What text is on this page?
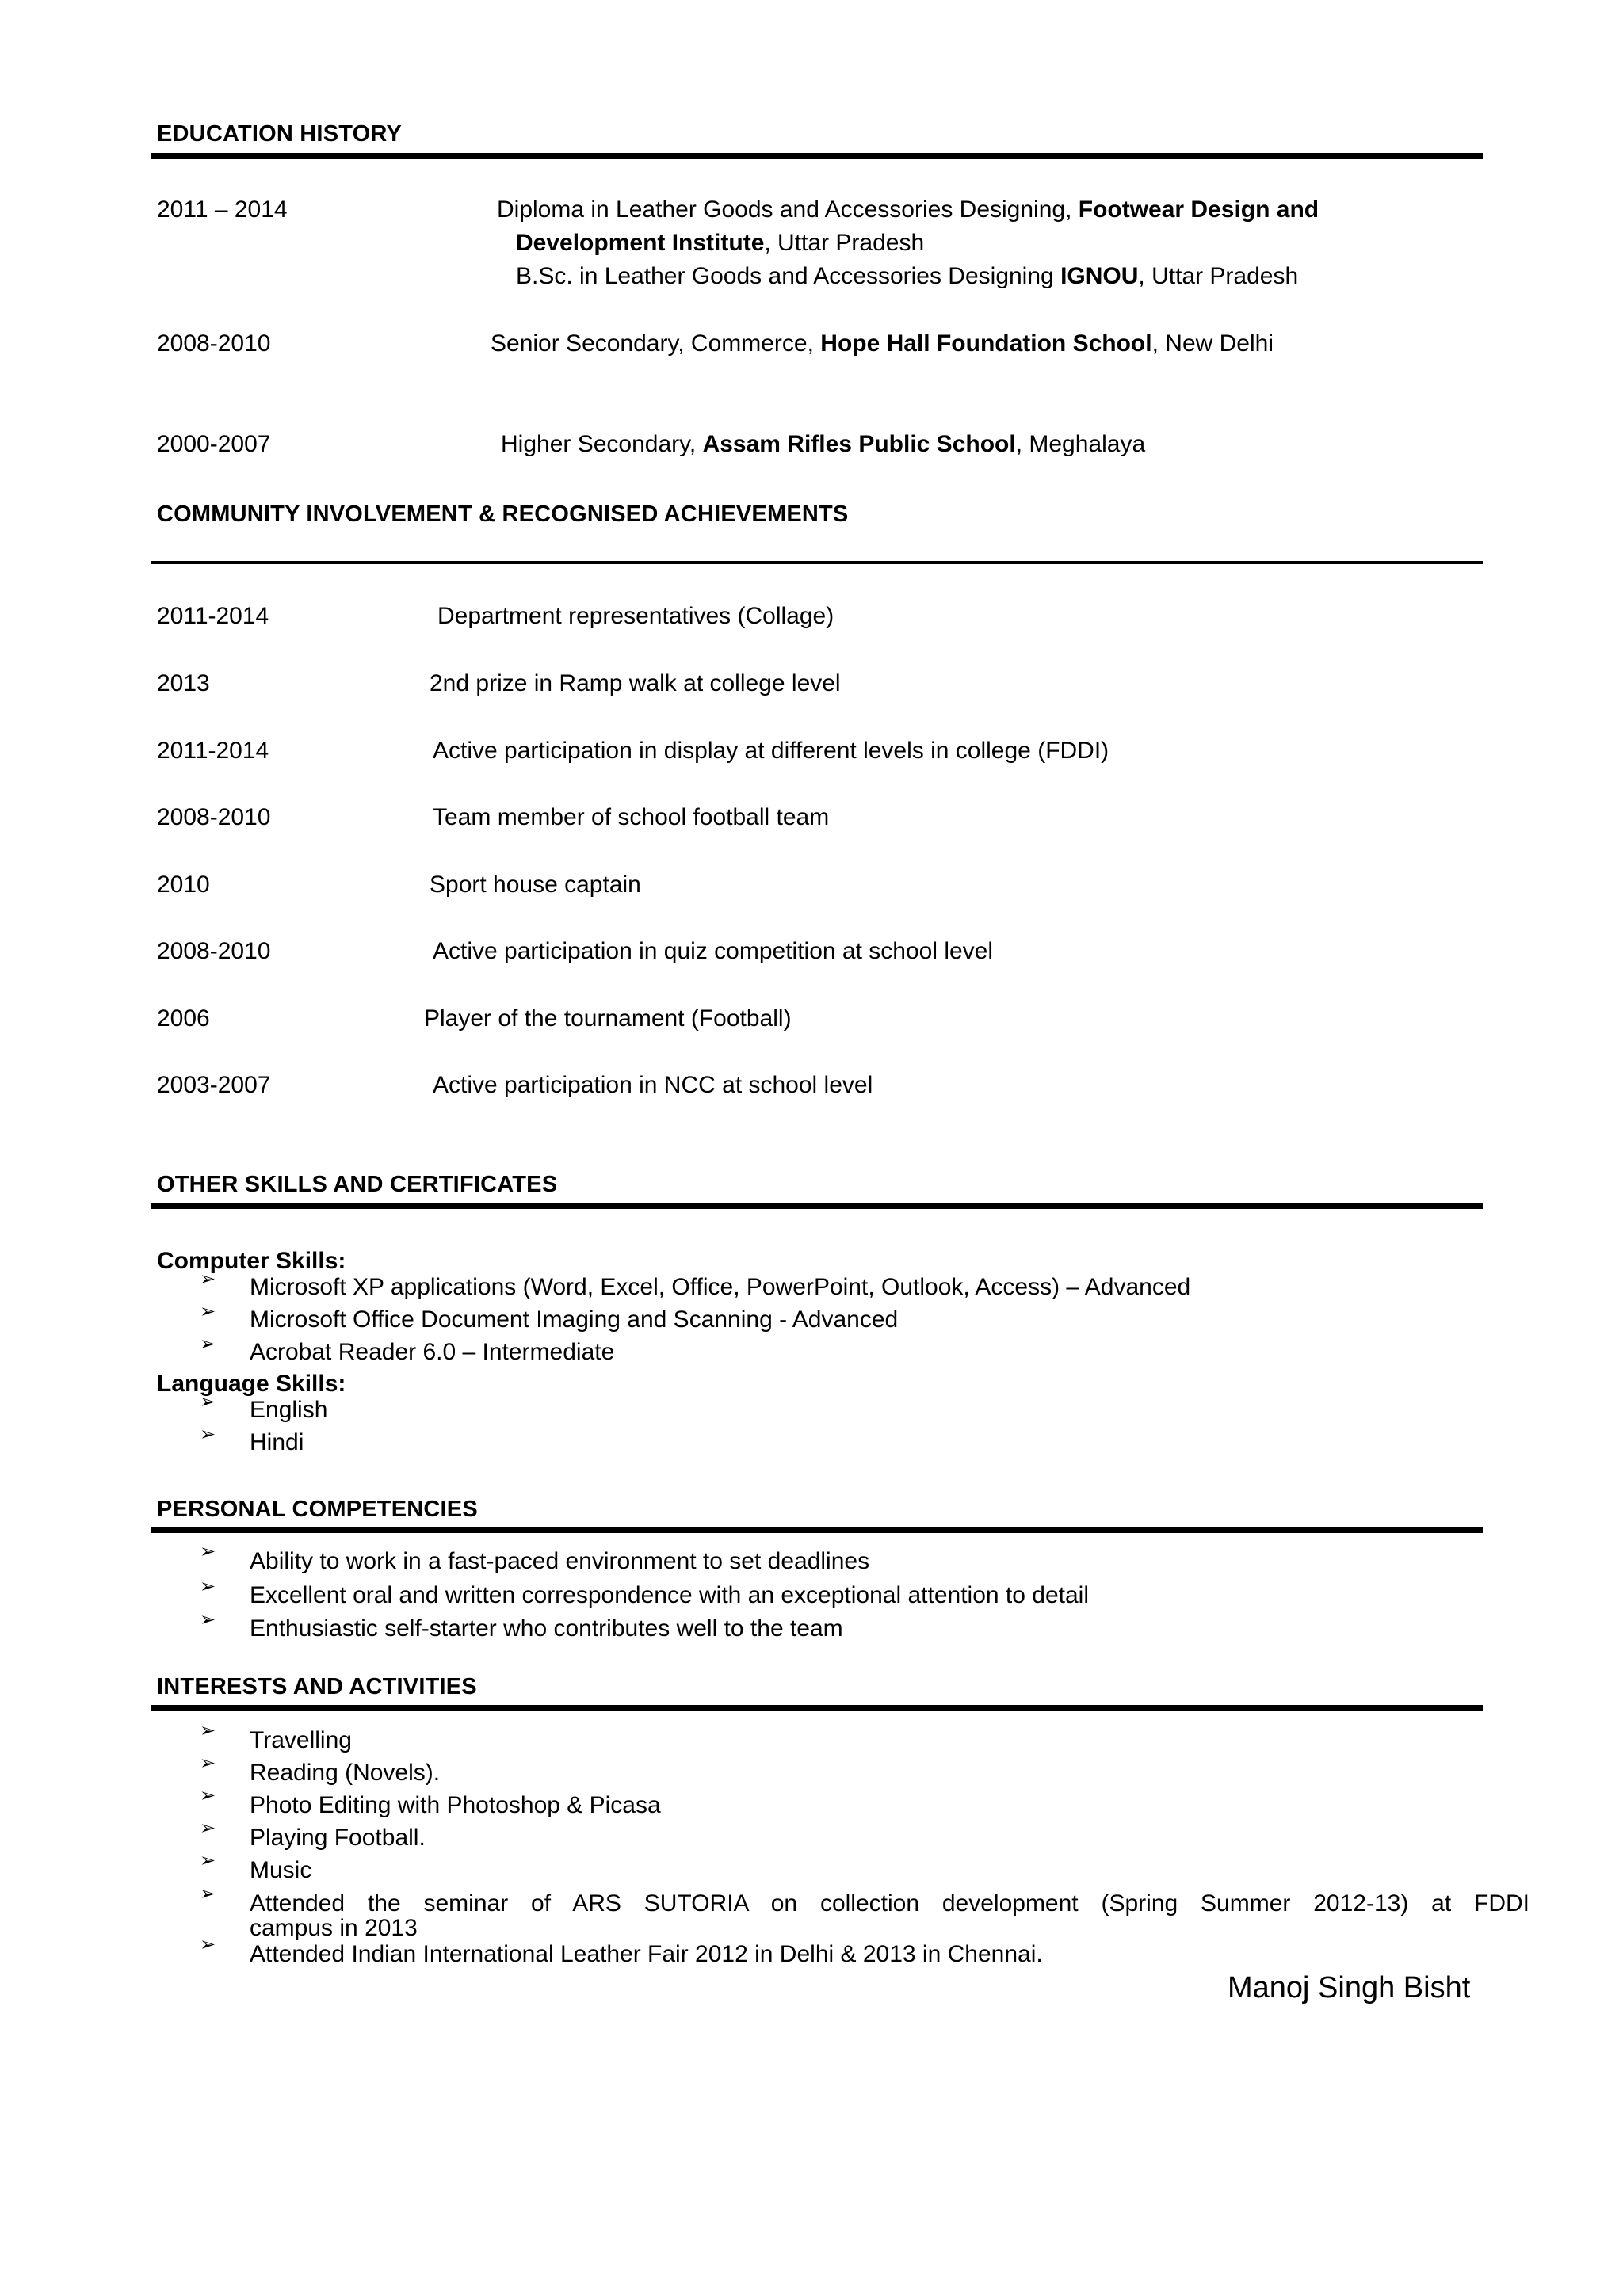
EDUCATION HISTORY
2011 – 2014	Diploma in Leather Goods and Accessories Designing, Footwear Design and
Development Institute, Uttar Pradesh
B.Sc. in Leather Goods and Accessories Designing IGNOU, Uttar Pradesh
2008-2010	Senior Secondary, Commerce, Hope Hall Foundation School, New Delhi
2000-2007	Higher Secondary, Assam Rifles Public School, Meghalaya
COMMUNITY INVOLVEMENT & RECOGNISED ACHIEVEMENTS
2011-2014	Department representatives (Collage)
2013	2nd prize in Ramp walk at college level
2011-2014	Active participation in display at different levels in college (FDDI)
2008-2010	Team member of school football team
2010	Sport house captain
2008-2010	Active participation in quiz competition at school level
2006	Player of the tournament (Football)
2003-2007	Active participation in NCC at school level
OTHER SKILLS AND CERTIFICATES
Computer Skills:
➢ Microsoft XP applications (Word, Excel, Office, PowerPoint, Outlook, Access) – Advanced
➢ Microsoft Office Document Imaging and Scanning - Advanced
➢ Acrobat Reader 6.0 – Intermediate
Language Skills:
➢ English
➢ Hindi
PERSONAL COMPETENCIES
➢ Ability to work in a fast-paced environment to set deadlines
➢ Excellent oral and written correspondence with an exceptional attention to detail
➢ Enthusiastic self-starter who contributes well to the team
INTERESTS AND ACTIVITIES
➢ Travelling
➢ Reading (Novels).
➢ Photo Editing with Photoshop & Picasa
➢ Playing Football.
➢ Music
➢ Attended the seminar of ARS SUTORIA on collection development (Spring Summer 2012-13) at FDDI
campus in 2013
➢ Attended Indian International Leather Fair 2012 in Delhi & 2013 in Chennai.
Manoj Singh Bisht
